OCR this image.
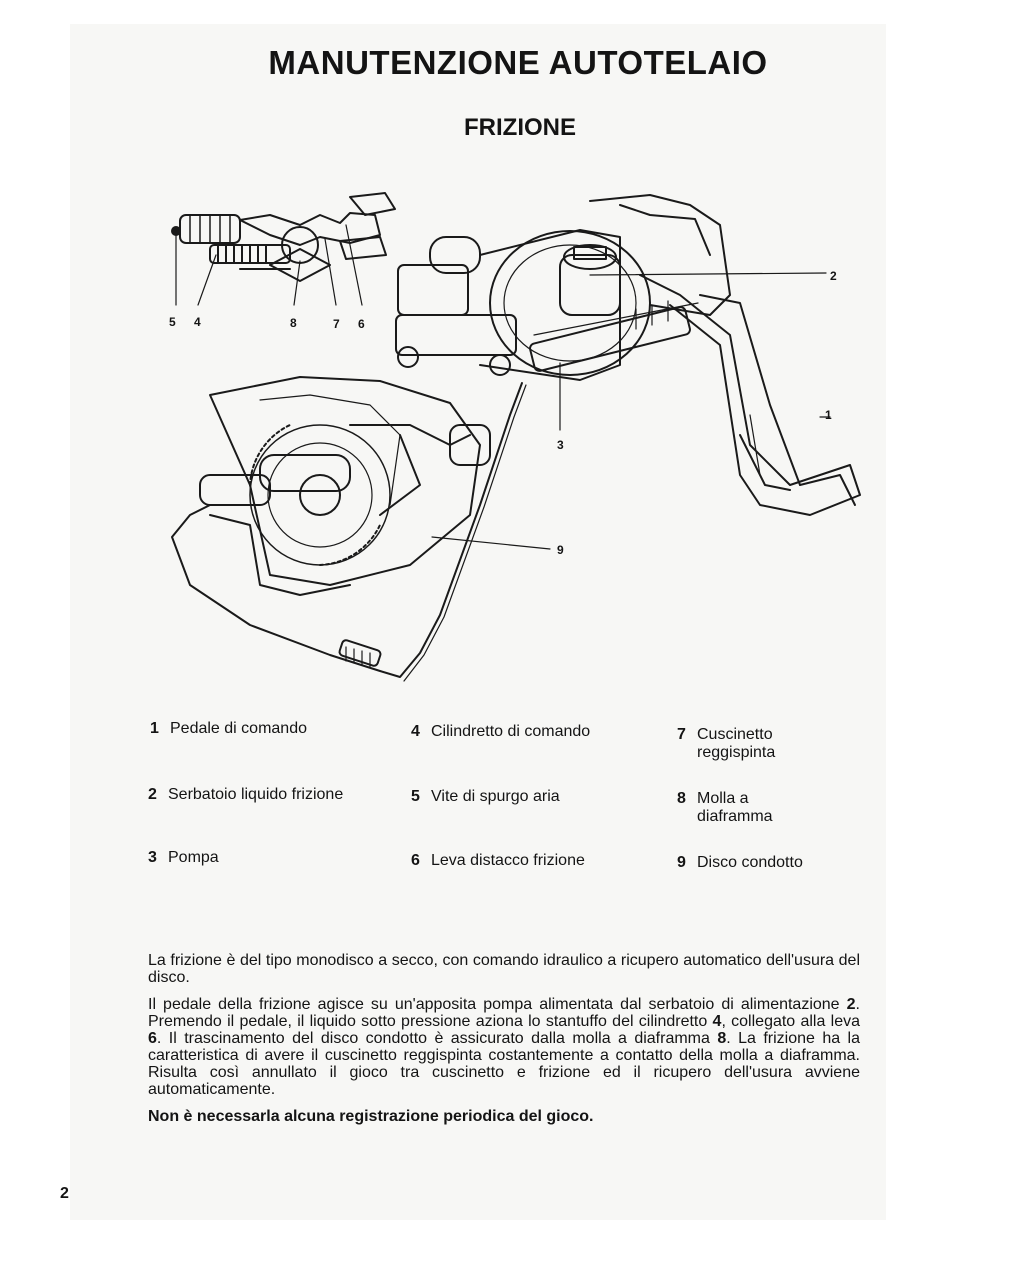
MANUTENZIONE AUTOTELAIO
FRIZIONE
5 4	8	7 6
2
1
3
9
1 Pedale di comando
2 Serbatoio liquido frizione
3 Pompa
4 Cilindretto di comando
5 Vite di spurgo aria
6 Leva distacco frizione
7 Cuscinetto reggispinta
8 Molla a diaframma
9 Disco condotto

La frizione è del tipo monodisco a secco, con comando idraulico a ricupero automatico dell'usura del disco.

Il pedale della frizione agisce su un'apposita pompa alimentata dal serbatoio di alimentazione 2. Premendo il pedale, il liquido sotto pressione aziona lo stantuffo del cilindretto 4, collegato alla leva 6. Il trascinamento del disco condotto è assicurato dalla molla a diaframma 8. La frizione ha la caratteristica di avere il cuscinetto reggispinta costantemente a contatto della molla a diaframma. Risulta così annullato il gioco tra cuscinetto e frizione ed il ricupero dell'usura avviene automaticamente.

Non è necessarla alcuna registrazione periodica del gioco.

2
